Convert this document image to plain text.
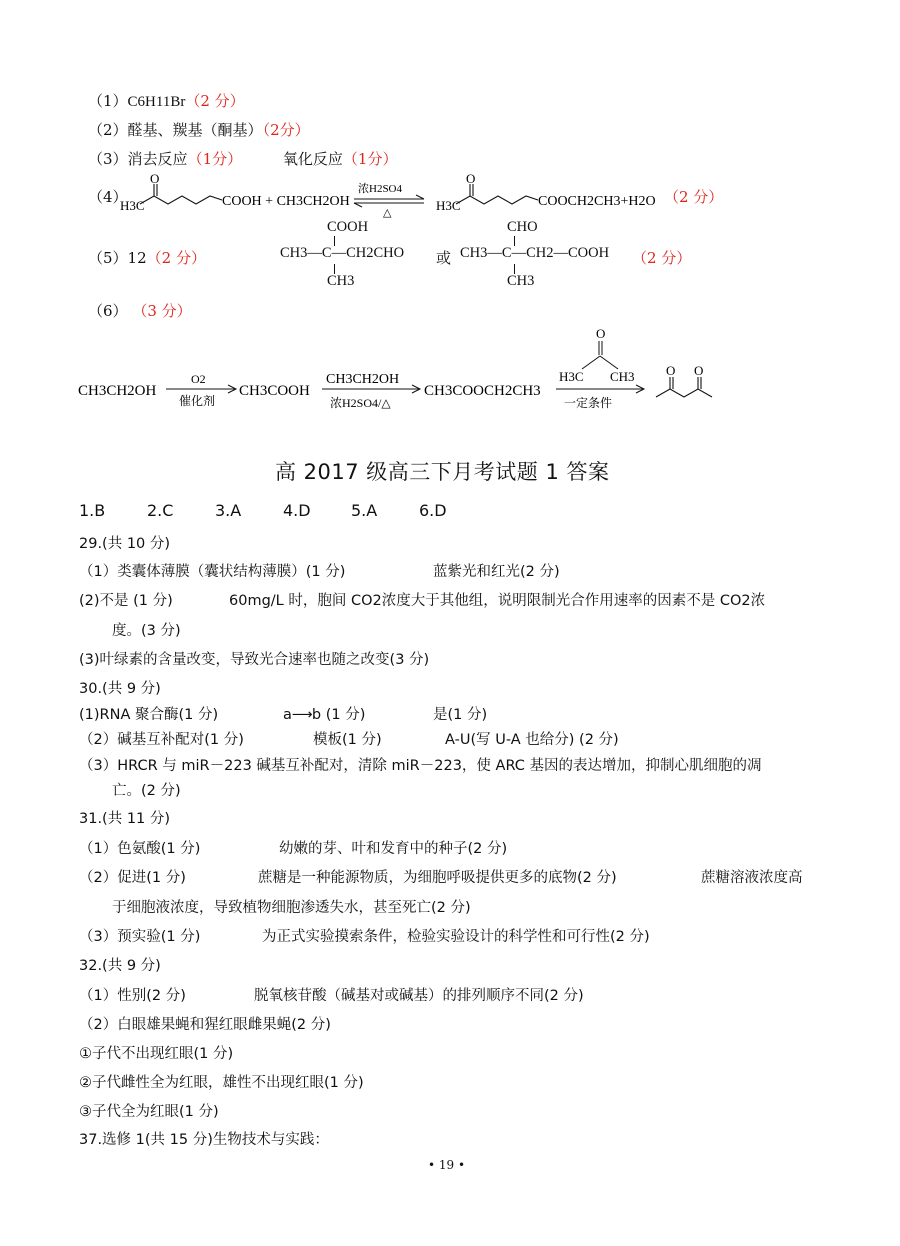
（1）C6H11Br（2 分）
（2）醛基、羰基（酮基）（2分）
（3）消去反应（1分）	氧化反应（1分）
（4）
H3C
O
COOH + CH3CH2OH
浓H2SO4
△	H3C
O
COOCH2CH3+H2O （2 分）
（5）12（2 分）
COOH
CH3—C—CH2CHO
CH3
或
CHO
CH3—C—CH2—COOH
CH3
（2 分）
（6） （3 分）
CH3CH2OH
O2
催化剂
CH3COOH
CH3CH2OH
浓H2SO4/△
CH3COOCH2CH3
O
H3C CH3
一定条件
O O
高 2017 级高三下月考试题 1 答案
1.B	2.C	3.A	4.D	5.A	6.D
29.(共 10 分)
（1）类囊体薄膜（囊状结构薄膜）(1 分)	蓝紫光和红光(2 分)
(2)不是 (1 分)	60mg/L 时，胞间 CO2浓度大于其他组，说明限制光合作用速率的因素不是 CO2浓
度。(3 分)
(3)叶绿素的含量改变，导致光合速率也随之改变(3 分)
30.(共 9 分)
(1)RNA 聚合酶(1 分)	a⟶b (1 分)	是(1 分)
（2）碱基互补配对(1 分)	模板(1 分)	A-U(写 U-A 也给分) (2 分)
（3）HRCR 与 miR－223 碱基互补配对，清除 miR－223，使 ARC 基因的表达增加，抑制心肌细胞的凋
亡。(2 分)
31.(共 11 分)
（1）色氨酸(1 分)	幼嫩的芽、叶和发育中的种子(2 分)
（2）促进(1 分)	蔗糖是一种能源物质，为细胞呼吸提供更多的底物(2 分)	蔗糖溶液浓度高
于细胞液浓度，导致植物细胞渗透失水，甚至死亡(2 分)
（3）预实验(1 分)	为正式实验摸索条件，检验实验设计的科学性和可行性(2 分)
32.(共 9 分)
（1）性别(2 分)	脱氧核苷酸（碱基对或碱基）的排列顺序不同(2 分)
（2）白眼雄果蝇和猩红眼雌果蝇(2 分)
①子代不出现红眼(1 分)
②子代雌性全为红眼，雄性不出现红眼(1 分)
③子代全为红眼(1 分)
37.选修 1(共 15 分)生物技术与实践：
• 19 •
